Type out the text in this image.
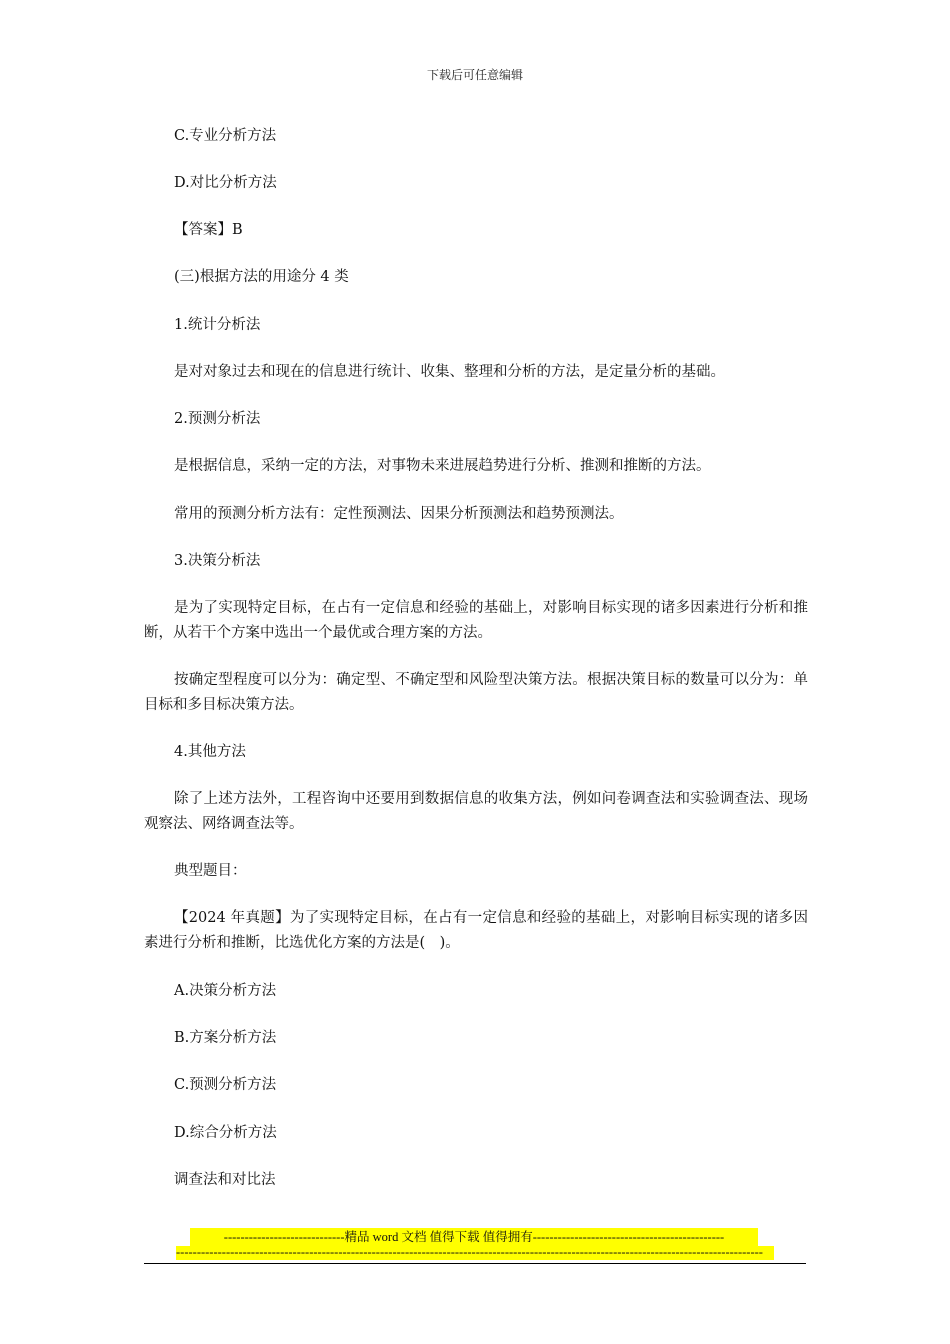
下载后可任意编辑
C.专业分析方法
D.对比分析方法
【答案】B
(三)根据方法的用途分 4 类
1.统计分析法
是对对象过去和现在的信息进行统计、收集、整理和分析的方法，是定量分析的基础。
2.预测分析法
是根据信息，采纳一定的方法，对事物未来进展趋势进行分析、推测和推断的方法。
常用的预测分析方法有：定性预测法、因果分析预测法和趋势预测法。
3.决策分析法
是为了实现特定目标，在占有一定信息和经验的基础上，对影响目标实现的诸多因素进行分析和推断，从若干个方案中选出一个最优或合理方案的方法。
按确定型程度可以分为：确定型、不确定型和风险型决策方法。根据决策目标的数量可以分为：单目标和多目标决策方法。
4.其他方法
除了上述方法外，工程咨询中还要用到数据信息的收集方法，例如问卷调查法和实验调查法、现场观察法、网络调查法等。
典型题目：
【2024 年真题】为了实现特定目标，在占有一定信息和经验的基础上，对影响目标实现的诸多因素进行分析和推断，比选优化方案的方法是(　)。
A.决策分析方法
B.方案分析方法
C.预测分析方法
D.综合分析方法
调查法和对比法
-----------------------------精品 word 文档 值得下载 值得拥有----------------------------------------------
---------------------------------------------------------------------------------------------------------------------------------------------
